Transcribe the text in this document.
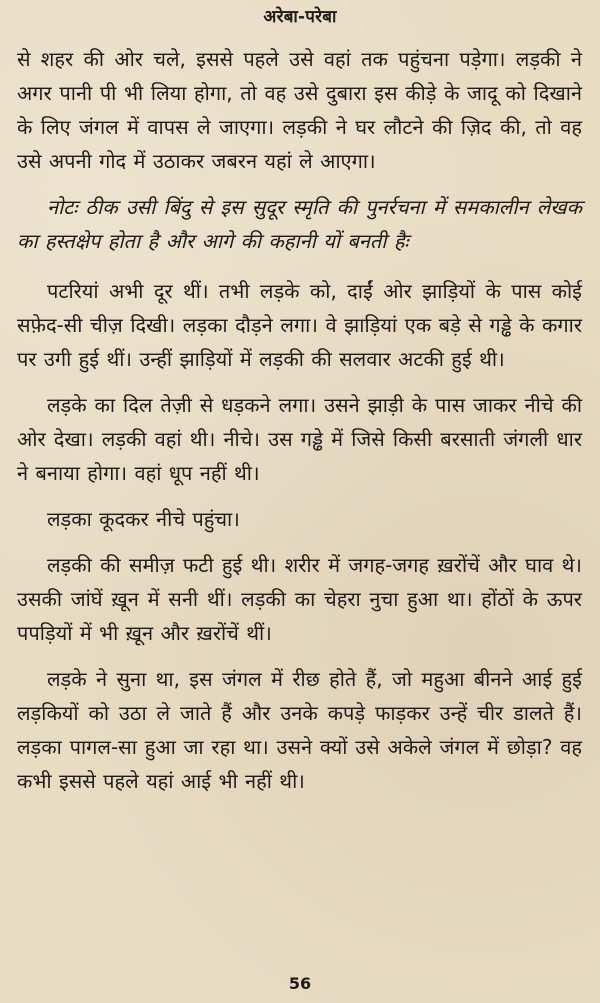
अरेबा-परेबा

से शहर की ओर चले, इससे पहले उसे वहां तक पहुंचना पड़ेगा। लड़की ने अगर पानी पी भी लिया होगा, तो वह उसे दुबारा इस कीड़े के जादू को दिखाने के लिए जंगल में वापस ले जाएगा। लड़की ने घर लौटने की ज़िद की, तो वह उसे अपनी गोद में उठाकर जबरन यहां ले आएगा।

नोटः ठीक उसी बिंदु से इस सुदूर स्मृति की पुनर्रचना में समकालीन लेखक का हस्तक्षेप होता है और आगे की कहानी यों बनती हैः

पटरियां अभी दूर थीं। तभी लड़के को, दाईं ओर झाड़ियों के पास कोई सफ़ेद-सी चीज़ दिखी। लड़का दौड़ने लगा। वे झाड़ियां एक बड़े से गड्ढे के कगार पर उगी हुई थीं। उन्हीं झाड़ियों में लड़की की सलवार अटकी हुई थी।

लड़के का दिल तेज़ी से धड़कने लगा। उसने झाड़ी के पास जाकर नीचे की ओर देखा। लड़की वहां थी। नीचे। उस गड्ढे में जिसे किसी बरसाती जंगली धार ने बनाया होगा। वहां धूप नहीं थी।

लड़का कूदकर नीचे पहुंचा।

लड़की की समीज़ फटी हुई थी। शरीर में जगह-जगह ख़रोंचें और घाव थे। उसकी जांघें ख़ून में सनी थीं। लड़की का चेहरा नुचा हुआ था। होंठों के ऊपर पपड़ियों में भी ख़ून और ख़रोंचें थीं।

लड़के ने सुना था, इस जंगल में रीछ होते हैं, जो महुआ बीनने आई हुई लड़कियों को उठा ले जाते हैं और उनके कपड़े फाड़कर उन्हें चीर डालते हैं। लड़का पागल-सा हुआ जा रहा था। उसने क्यों उसे अकेले जंगल में छोड़ा? वह कभी इससे पहले यहां आई भी नहीं थी।

56
